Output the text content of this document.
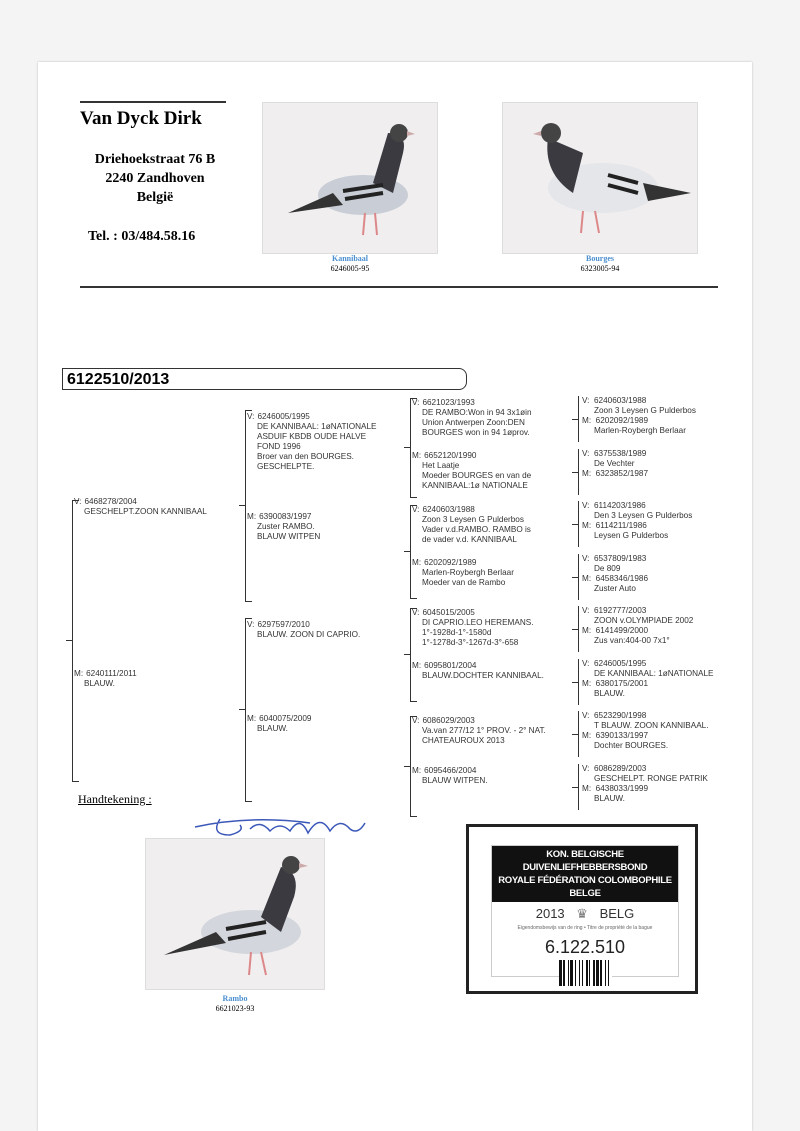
Van Dyck Dirk
Driehoekstraat 76 B
2240 Zandhoven
België
Tel. : 03/484.58.16
Kannibaal
6246005-95
Bourges
6323005-94
6122510/2013
V: 6468278/2004

GESCHELPT.ZOON KANNIBAAL
M: 6240111/2011

BLAUW.
V: 6246005/1995

DE KANNIBAAL: 1øNATIONALE
ASDUIF KBDB OUDE HALVE
FOND 1996
Broer van den BOURGES.
GESCHELPTE.
M: 6390083/1997

Zuster RAMBO.
BLAUW WITPEN
V: 6297597/2010

BLAUW. ZOON DI CAPRIO.
M: 6040075/2009

BLAUW.
V: 6621023/1993

DE RAMBO:Won in 94 3x1øin
Union Antwerpen Zoon:DEN
BOURGES won in 94 1øprov.
M: 6652120/1990

Het Laatje
Moeder BOURGES en van de
KANNIBAAL:1ø NATIONALE
V: 6240603/1988

Zoon 3 Leysen G Pulderbos
Vader v.d.RAMBO. RAMBO is
de vader v.d. KANNIBAAL
M: 6202092/1989

Marlen-Roybergh Berlaar
Moeder van de Rambo
V: 6045015/2005

DI CAPRIO.LEO HEREMANS.
1°-1928d-1°-1580d
1°-1278d-3°-1267d-3°-658
M: 6095801/2004

BLAUW.DOCHTER KANNIBAAL.
V: 6086029/2003

Va.van 277/12 1° PROV. - 2° NAT.
CHATEAUROUX 2013
M: 6095466/2004

BLAUW WITPEN.
V:  6240603/1988

Zoon 3 Leysen G Pulderbos
M:  6202092/1989

Marlen-Roybergh Berlaar
V:  6375538/1989

De Vechter
M:  6323852/1987

V:  6114203/1986

Den 3 Leysen G Pulderbos
M:  6114211/1986

Leysen G Pulderbos
V:  6537809/1983

De 809
M:  6458346/1986

Zuster Auto
V:  6192777/2003

ZOON v.OLYMPIADE 2002
M:  6141499/2000

Zus van:404-00 7x1°
V:  6246005/1995

DE KANNIBAAL: 1øNATIONALE
M:  6380175/2001

BLAUW.
V:  6523290/1998

T BLAUW. ZOON KANNIBAAL.
M:  6390133/1997

Dochter BOURGES.
V:  6086289/2003

GESCHELPT. RONGE PATRIK
M:  6438033/1999

BLAUW.
Handtekening :
Rambo
6621023-93
KON. BELGISCHE DUIVENLIEFHEBBERSBOND
ROYALE FÉDÉRATION COLOMBOPHILE BELGE
2013 ♛ BELG
Eigendomsbewijs van de ring • Titre de propriété de la bague
6.122.510
